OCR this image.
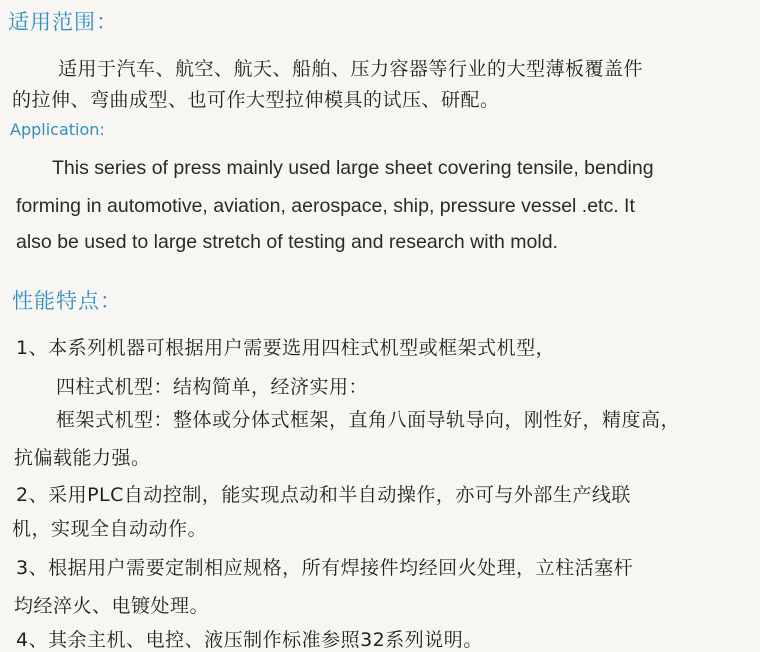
适用范围：
适用于汽车、航空、航天、船舶、压力容器等行业的大型薄板覆盖件
的拉伸、弯曲成型、也可作大型拉伸模具的试压、研配。
Application:
This series of press mainly used large sheet covering tensile, bending
forming in automotive, aviation, aerospace, ship, pressure vessel .etc. It
also be used to large stretch of testing and research with mold.
性能特点：
1、本系列机器可根据用户需要选用四柱式机型或框架式机型，
四柱式机型：结构简单，经济实用：
框架式机型：整体或分体式框架，直角八面导轨导向，刚性好，精度高，
抗偏载能力强。
2、采用PLC自动控制，能实现点动和半自动操作，亦可与外部生产线联
机，实现全自动动作。
3、根据用户需要定制相应规格，所有焊接件均经回火处理，立柱活塞杆
均经淬火、电镀处理。
4、其余主机、电控、液压制作标准参照32系列说明。
